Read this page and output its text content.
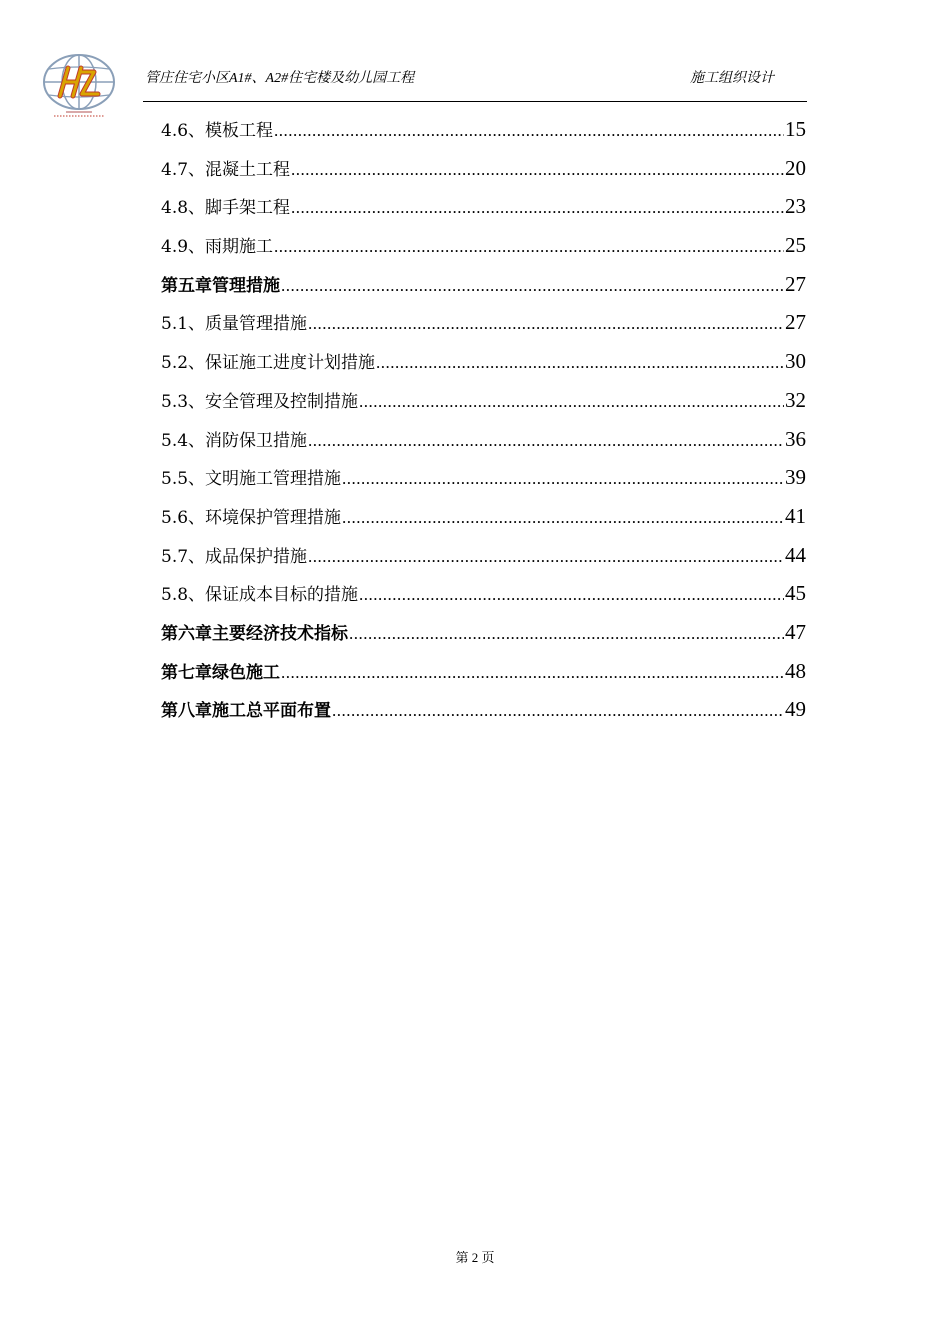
管庄住宅小区A1#、A2#住宅楼及幼儿园工程	施工组织设计
4.6、模板工程 .....	15
4.7、混凝土工程 .....	20
4.8、脚手架工程 .....	23
4.9、雨期施工 .....	25
第五章 管理措施 .....	27
5.1、质量管理措施 .....	27
5.2、保证施工进度计划措施 .....	30
5.3、安全管理及控制措施 .....	32
5.4、消防保卫措施 .....	36
5.5、文明施工管理措施 .....	39
5.6、环境保护管理措施 .....	41
5.7、成品保护措施 .....	44
5.8、保证成本目标的措施 .....	45
第六章 主要经济技术指标 .....	47
第七章 绿色施工 .....	48
第八章 施工总平面布置 .....	49
第 2 页
